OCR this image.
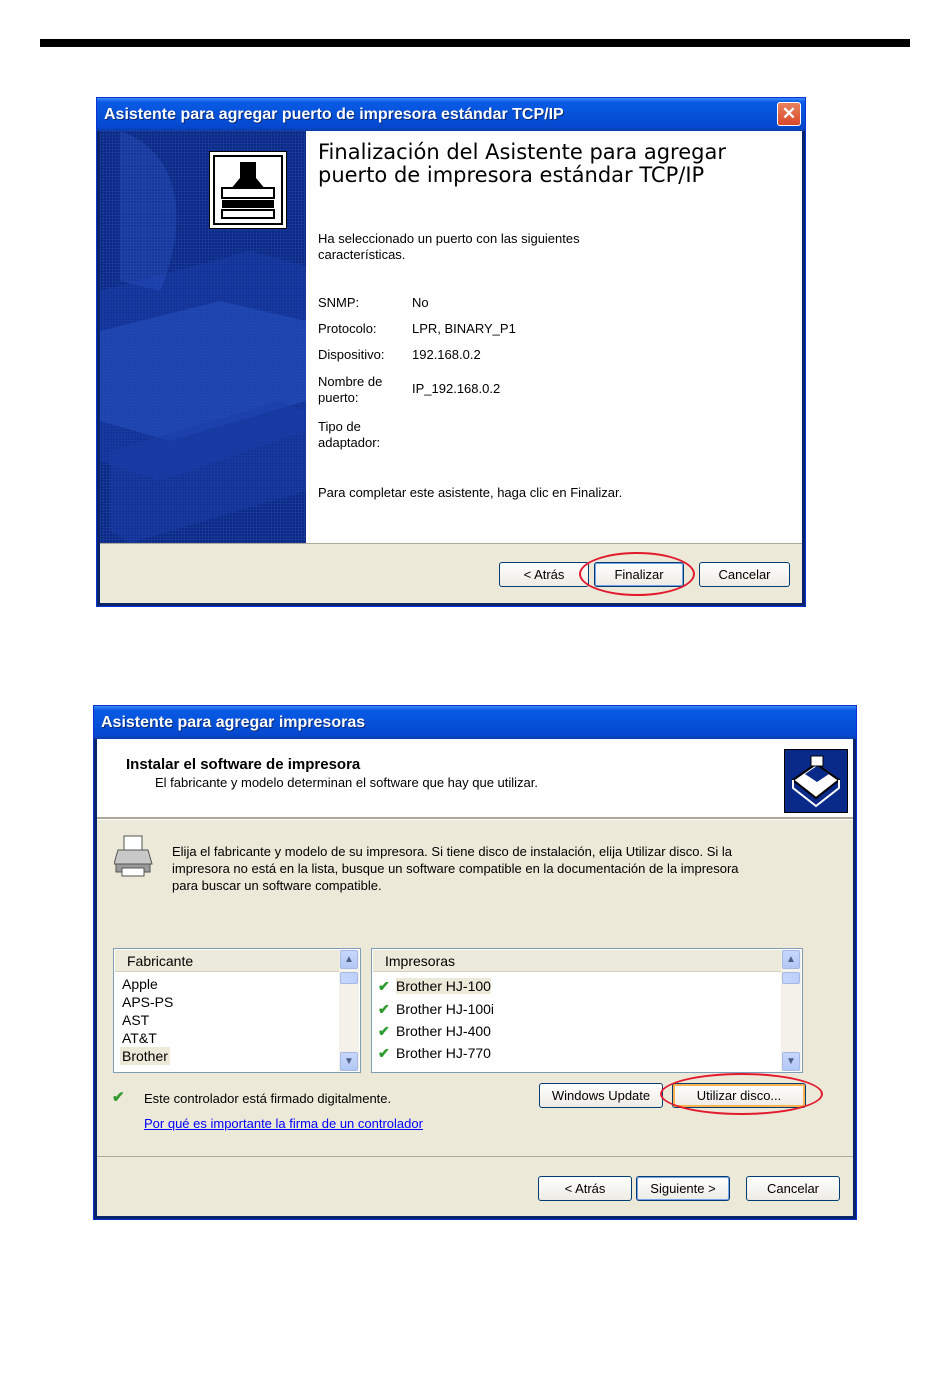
Asistente para agregar puerto de impresora estándar TCP/IP	✕
Finalización del Asistente para agregar
puerto de impresora estándar TCP/IP
Ha seleccionado un puerto con las siguientes
características.
SNMP:	No
Protocolo:	LPR, BINARY_P1
Dispositivo: 192.168.0.2
Nombre de
puerto:
IP_192.168.0.2
Tipo de
adaptador:
Para completar este asistente, haga clic en Finalizar.
< Atrás	Finalizar	Cancelar
Asistente para agregar impresoras
Instalar el software de impresora
El fabricante y modelo determinan el software que hay que utilizar.
Elija el fabricante y modelo de su impresora. Si tiene disco de instalación, elija Utilizar disco. Si la
impresora no está en la lista, busque un software compatible en la documentación de la impresora
para buscar un software compatible.
Fabricante
Apple
APS-PS
AST
AT&T
Brother
▲
▼
Impresoras
✔ Brother HJ-100
✔ Brother HJ-100i
✔ Brother HJ-400
✔ Brother HJ-770
▲
▼
✔	Este controlador está firmado digitalmente.
Por qué es importante la firma de un controlador
Windows Update	Utilizar disco...
< Atrás	Siguiente >	Cancelar
